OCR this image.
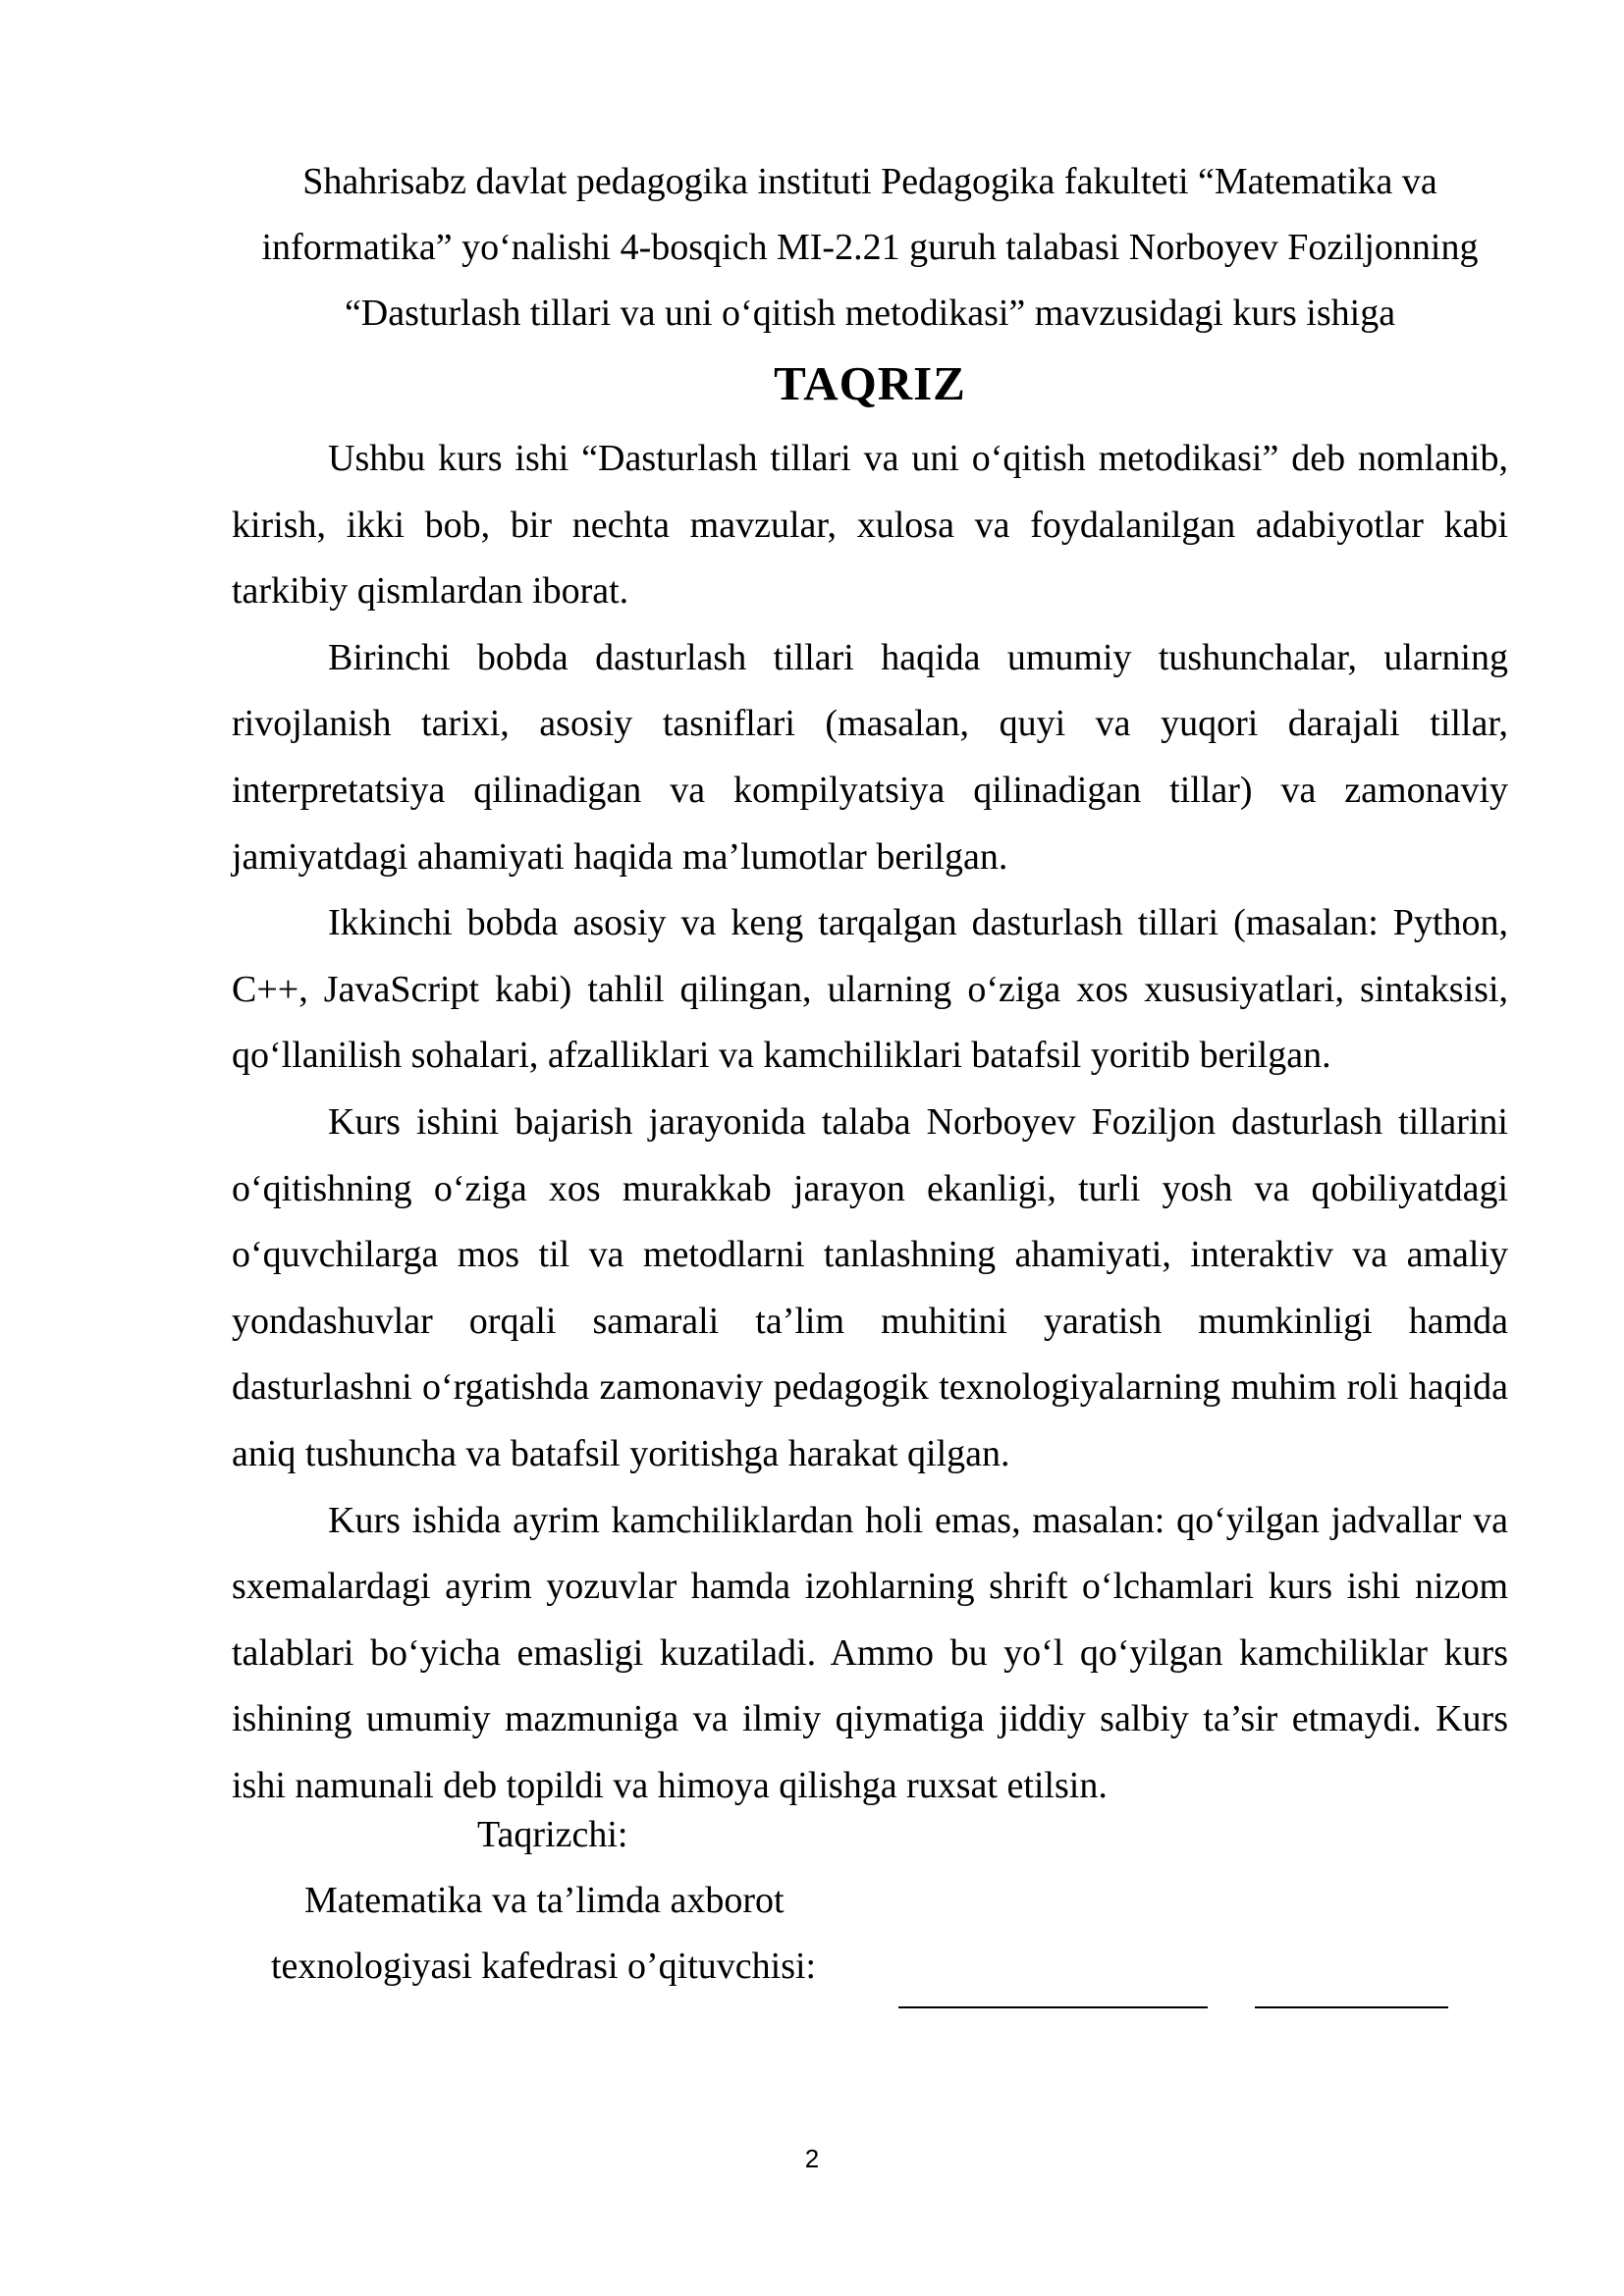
Shahrisabz davlat pedagogika instituti Pedagogika fakulteti “Matematika va
informatika” yo‘nalishi 4-bosqich MI-2.21 guruh talabasi Norboyev Foziljonning
“Dasturlash tillari va uni o‘qitish metodikasi” mavzusidagi kurs ishiga
TAQRIZ

Ushbu kurs ishi “Dasturlash tillari va uni o‘qitish metodikasi” deb nomlanib, kirish, ikki bob, bir nechta mavzular, xulosa va foydalanilgan adabiyotlar kabi tarkibiy qismlardan iborat.

Birinchi bobda dasturlash tillari haqida umumiy tushunchalar, ularning rivojlanish tarixi, asosiy tasniflari (masalan, quyi va yuqori darajali tillar, interpretatsiya qilinadigan va kompilyatsiya qilinadigan tillar) va zamonaviy jamiyatdagi ahamiyati haqida ma’lumotlar berilgan.

Ikkinchi bobda asosiy va keng tarqalgan dasturlash tillari (masalan: Python, C++, JavaScript kabi) tahlil qilingan, ularning o‘ziga xos xususiyatlari, sintaksisi, qo‘llanilish sohalari, afzalliklari va kamchiliklari batafsil yoritib berilgan.

Kurs ishini bajarish jarayonida talaba Norboyev Foziljon dasturlash tillarini o‘qitishning o‘ziga xos murakkab jarayon ekanligi, turli yosh va qobiliyatdagi o‘quvchilarga mos til va metodlarni tanlashning ahamiyati, interaktiv va amaliy yondashuvlar orqali samarali ta’lim muhitini yaratish mumkinligi hamda dasturlashni o‘rgatishda zamonaviy pedagogik texnologiyalarning muhim roli haqida aniq tushuncha va batafsil yoritishga harakat qilgan.

Kurs ishida ayrim kamchiliklardan holi emas, masalan: qo‘yilgan jadvallar va sxemalardagi ayrim yozuvlar hamda izohlarning shrift o‘lchamlari kurs ishi nizom talablari bo‘yicha emasligi kuzatiladi. Ammo bu yo‘l qo‘yilgan kamchiliklar kurs ishining umumiy mazmuniga va ilmiy qiymatiga jiddiy salbiy ta’sir etmaydi. Kurs ishi namunali deb topildi va himoya qilishga ruxsat etilsin.

Taqrizchi:
Matematika va ta’limda axborot
texnologiyasi kafedrasi o’qituvchisi:
2
